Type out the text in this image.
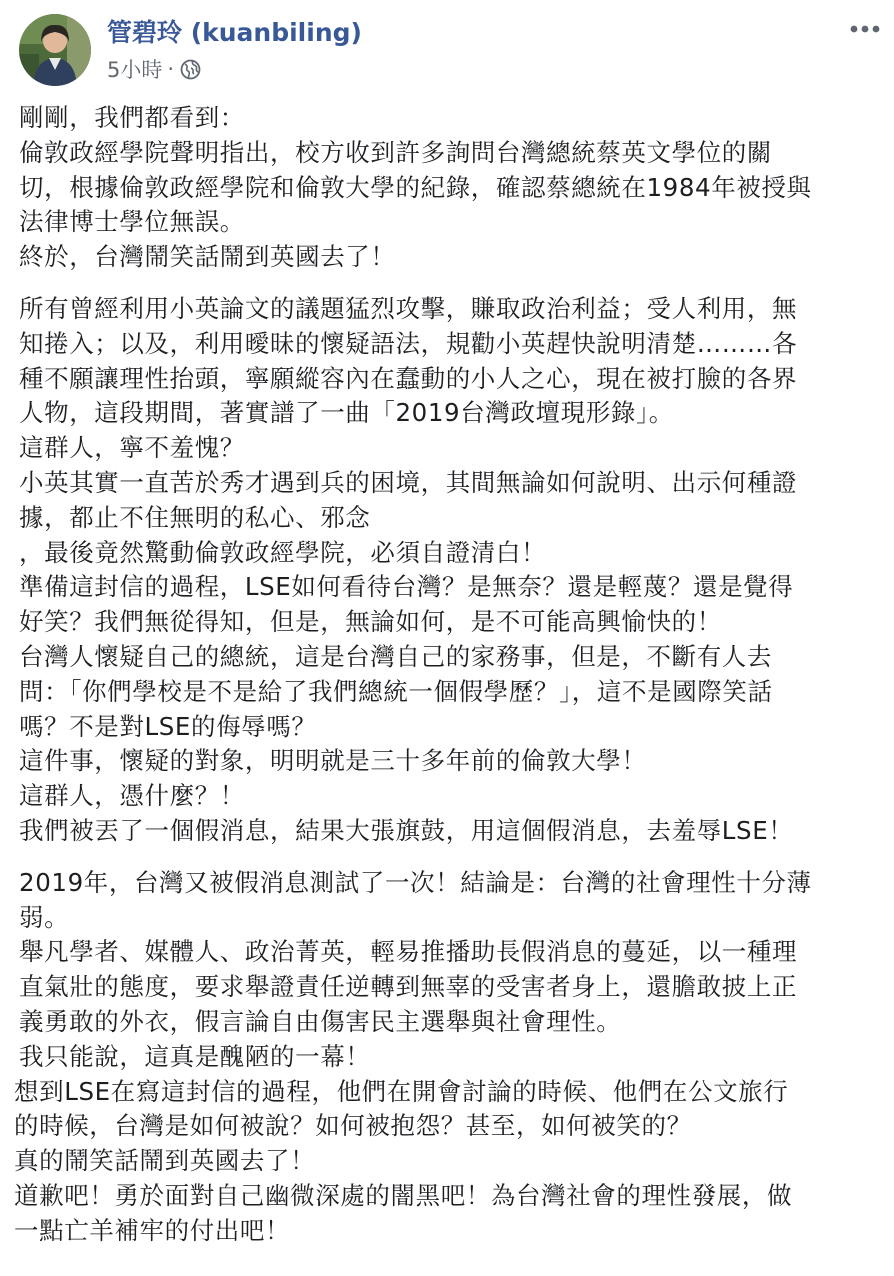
管碧玲 (kuanbiling)
5小時 ·
剛剛，我們都看到：
倫敦政經學院聲明指出，校方收到許多詢問台灣總統蔡英文學位的關
切，根據倫敦政經學院和倫敦大學的紀錄，確認蔡總統在1984年被授與
法律博士學位無誤。
終於，台灣鬧笑話鬧到英國去了！
所有曾經利用小英論文的議題猛烈攻擊，賺取政治利益；受人利用，無
知捲入；以及，利用曖昧的懷疑語法，規勸小英趕快說明清楚………各
種不願讓理性抬頭，寧願縱容內在蠢動的小人之心，現在被打臉的各界
人物，這段期間，著實譜了一曲「2019台灣政壇現形錄」。
這群人，寧不羞愧？
小英其實一直苦於秀才遇到兵的困境，其間無論如何說明、出示何種證
據，都止不住無明的私心、邪念
，最後竟然驚動倫敦政經學院，必須自證清白！
準備這封信的過程，LSE如何看待台灣？是無奈？還是輕蔑？還是覺得
好笑？我們無從得知，但是，無論如何，是不可能高興愉快的！
台灣人懷疑自己的總統，這是台灣自己的家務事，但是，不斷有人去
問：「你們學校是不是給了我們總統一個假學歷？」，這不是國際笑話
嗎？不是對LSE的侮辱嗎？
這件事，懷疑的對象，明明就是三十多年前的倫敦大學！
這群人，憑什麼？！
我們被丟了一個假消息，結果大張旗鼓，用這個假消息，去羞辱LSE！
2019年，台灣又被假消息測試了一次！結論是：台灣的社會理性十分薄
弱。
舉凡學者、媒體人、政治菁英，輕易推播助長假消息的蔓延，以一種理
直氣壯的態度，要求舉證責任逆轉到無辜的受害者身上，還膽敢披上正
義勇敢的外衣，假言論自由傷害民主選舉與社會理性。
我只能說，這真是醜陋的一幕！
想到LSE在寫這封信的過程，他們在開會討論的時候、他們在公文旅行
的時候，台灣是如何被說？如何被抱怨？甚至，如何被笑的？
真的鬧笑話鬧到英國去了！
道歉吧！勇於面對自己幽微深處的闇黑吧！為台灣社會的理性發展，做
一點亡羊補牢的付出吧！
